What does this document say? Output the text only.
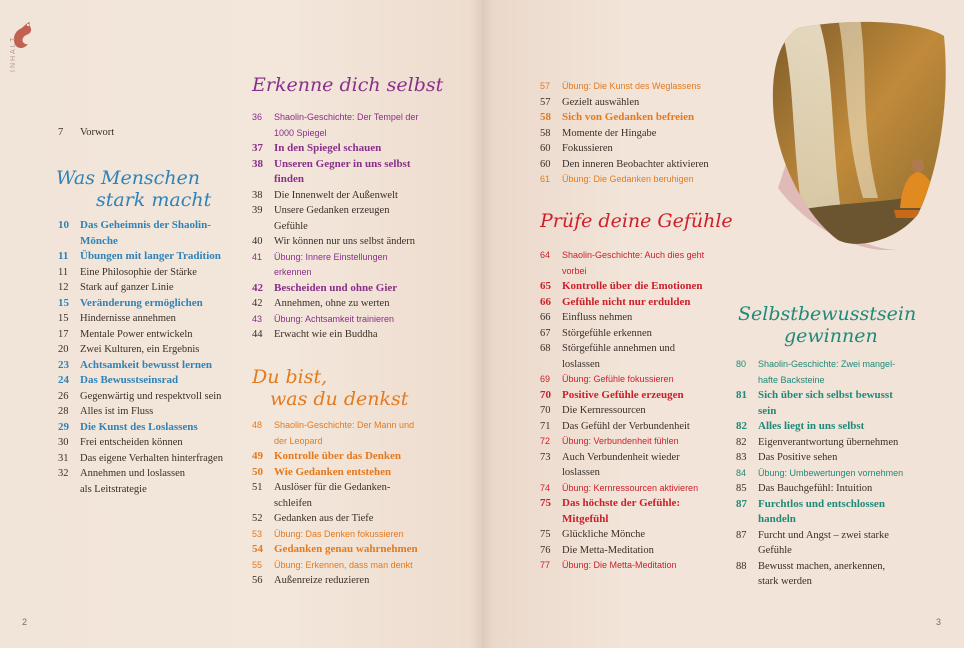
INHALT
7	Vorwort
Was Menschen
stark macht
10	Das Geheimnis der Shaolin-
Mönche
11	Übungen mit langer Tradition
11	Eine Philosophie der Stärke
12	Stark auf ganzer Linie
15	Veränderung ermöglichen
15	Hindernisse annehmen
17	Mentale Power entwickeln
20	Zwei Kulturen, ein Ergebnis
23	Achtsamkeit bewusst lernen
24	Das Bewusstseinsrad
26	Gegenwärtig und respektvoll sein
28	Alles ist im Fluss
29	Die Kunst des Loslassens
30	Frei entscheiden können
31	Das eigene Verhalten hinterfragen
32	Annehmen und loslassen
als Leitstrategie
Erkenne dich selbst
36	Shaolin-Geschichte: Der Tempel der
1000 Spiegel
37	In den Spiegel schauen
38	Unseren Gegner in uns selbst
finden
38	Die Innenwelt der Außenwelt
39	Unsere Gedanken erzeugen
Gefühle
40	Wir können nur uns selbst ändern
41	Übung: Innere Einstellungen
erkennen
42	Bescheiden und ohne Gier
42	Annehmen, ohne zu werten
43	Übung: Achtsamkeit trainieren
44	Erwacht wie ein Buddha
Du bist,
was du denkst
48	Shaolin-Geschichte: Der Mann und
der Leopard
49	Kontrolle über das Denken
50	Wie Gedanken entstehen
51	Auslöser für die Gedanken-
schleifen
52	Gedanken aus der Tiefe
53	Übung: Das Denken fokussieren
54	Gedanken genau wahrnehmen
55	Übung: Erkennen, dass man denkt
56	Außenreize reduzieren
57	Übung: Die Kunst des Weglassens
57	Gezielt auswählen
58	Sich von Gedanken befreien
58	Momente der Hingabe
60	Fokussieren
60	Den inneren Beobachter aktivieren
61	Übung: Die Gedanken beruhigen
Prüfe deine Gefühle
64	Shaolin-Geschichte: Auch dies geht
vorbei
65	Kontrolle über die Emotionen
66	Gefühle nicht nur erdulden
66	Einfluss nehmen
67	Störgefühle erkennen
68	Störgefühle annehmen und
loslassen
69	Übung: Gefühle fokussieren
70	Positive Gefühle erzeugen
70	Die Kernressourcen
71	Das Gefühl der Verbundenheit
72	Übung: Verbundenheit fühlen
73	Auch Verbundenheit wieder
loslassen
74	Übung: Kernressourcen aktivieren
75	Das höchste der Gefühle:
Mitgefühl
75	Glückliche Mönche
76	Die Metta-Meditation
77	Übung: Die Metta-Meditation
Selbstbewusstsein
gewinnen
80	Shaolin-Geschichte: Zwei mangel-
hafte Backsteine
81	Sich über sich selbst bewusst
sein
82	Alles liegt in uns selbst
82	Eigenverantwortung übernehmen
83	Das Positive sehen
84	Übung: Umbewertungen vornehmen
85	Das Bauchgefühl: Intuition
87	Furchtlos und entschlossen
handeln
87	Furcht und Angst – zwei starke
Gefühle
88	Bewusst machen, anerkennen,
stark werden
2	3
